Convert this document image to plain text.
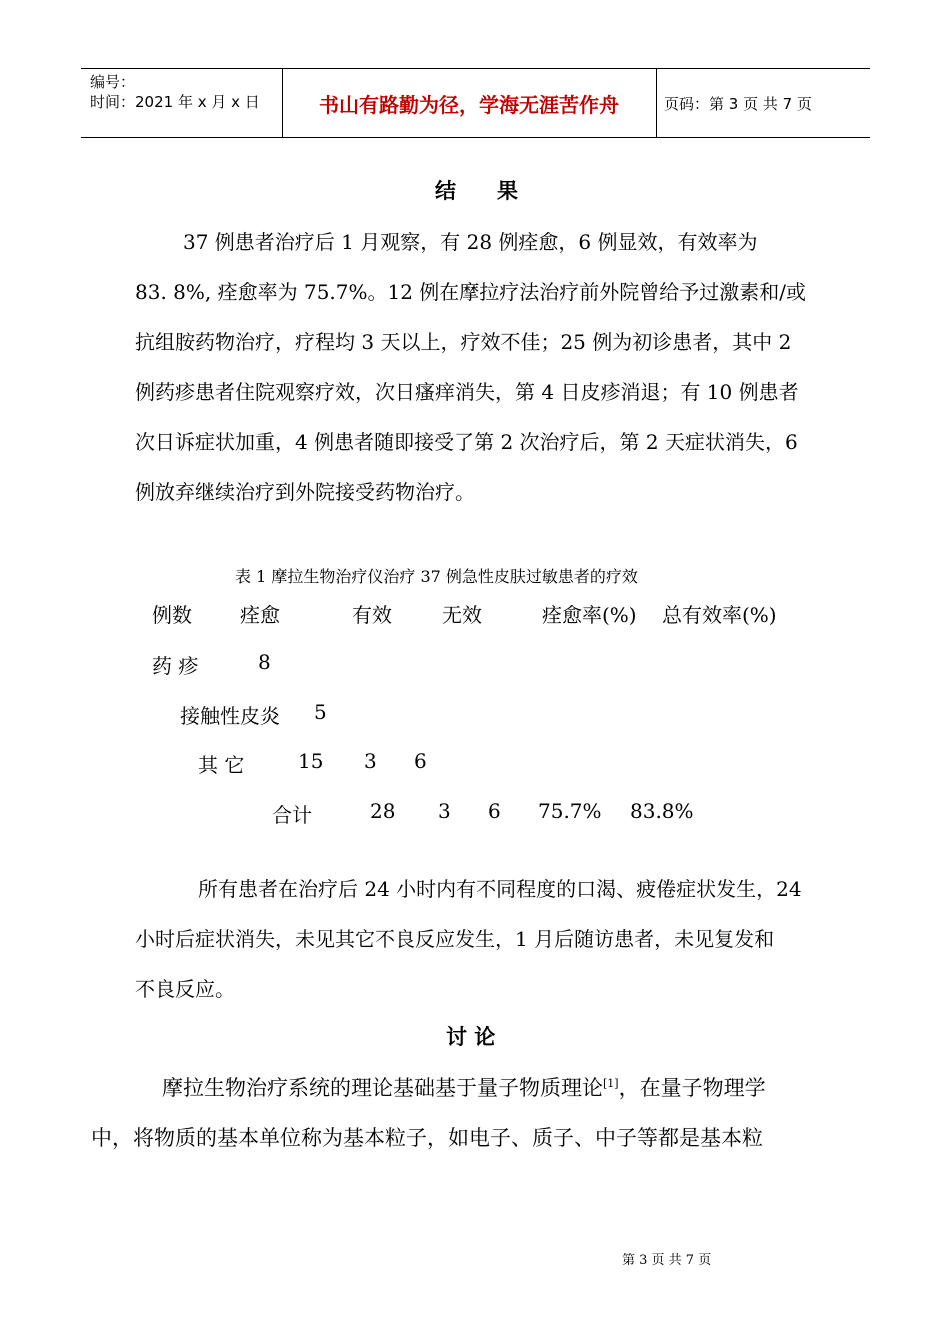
编号：
时间：2021 年 x 月 x 日	书山有路勤为径，学海无涯苦作舟	页码：第 3 页 共 7 页
结 果
37 例患者治疗后 1 月观察，有 28 例痊愈，6 例显效，有效率为
83. 8%, 痊愈率为 75.7%。12 例在摩拉疗法治疗前外院曾给予过激素和/或
抗组胺药物治疗，疗程均 3 天以上，疗效不佳；25 例为初诊患者，其中 2
例药疹患者住院观察疗效，次日瘙痒消失，第 4 日皮疹消退；有 10 例患者
次日诉症状加重，4 例患者随即接受了第 2 次治疗后，第 2 天症状消失，6
例放弃继续治疗到外院接受药物治疗。
表 1 摩拉生物治疗仪治疗 37 例急性皮肤过敏患者的疗效
例数 痊愈	有效	无效	痊愈率(%) 总有效率(%)
药 疹	8
接触性皮炎 5
其 它	15 3 6
合计	28 3 6 75.7% 83.8%
所有患者在治疗后 24 小时内有不同程度的口渴、疲倦症状发生，24
小时后症状消失，未见其它不良反应发生，1 月后随访患者，未见复发和
不良反应。
讨 论
摩拉生物治疗系统的理论基础基于量子物质理论[1]，在量子物理学
中，将物质的基本单位称为基本粒子，如电子、质子、中子等都是基本粒
第 3 页 共 7 页
